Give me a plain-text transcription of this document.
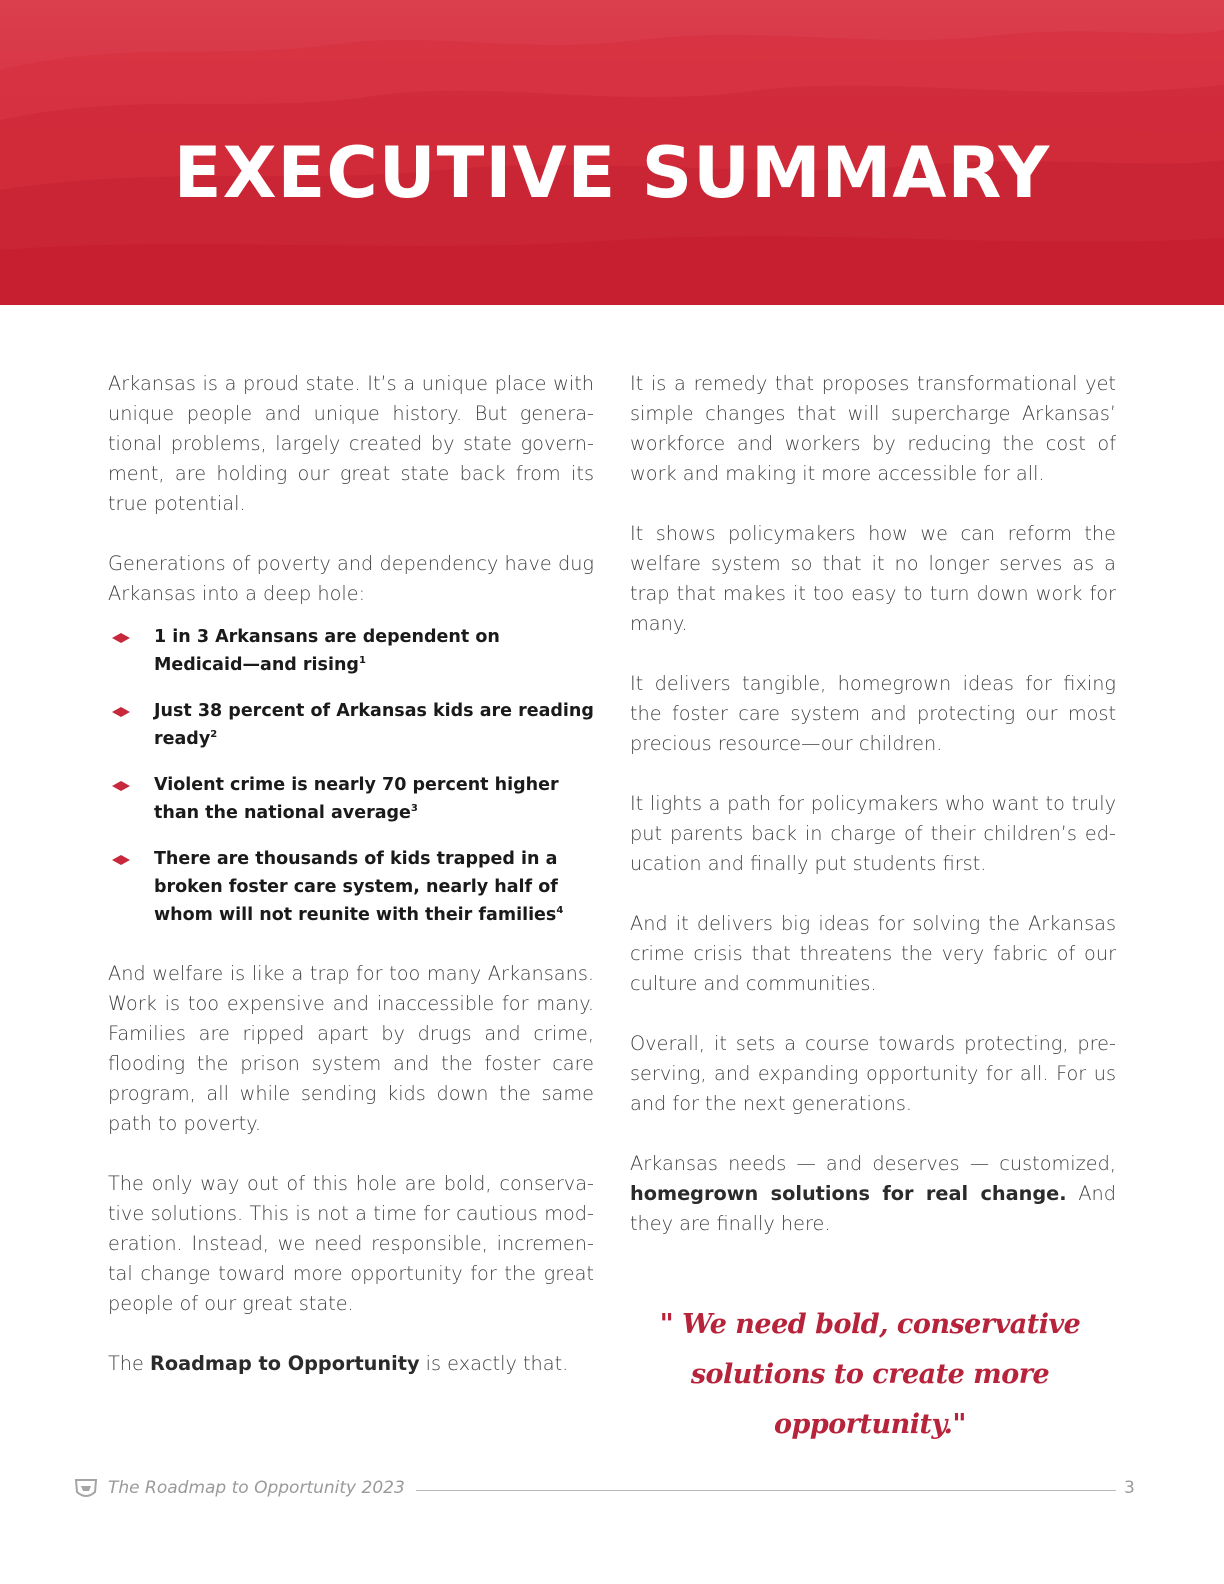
EXECUTIVE SUMMARY

Arkansas is a proud state. It’s a unique place with unique people and unique history. But generational problems, largely created by state government, are holding our great state back from its true potential.

Generations of poverty and dependency have dug Arkansas into a deep hole:

1 in 3 Arkansans are dependent on Medicaid—and rising$^1$
Just 38 percent of Arkansas kids are reading ready$^2$
Violent crime is nearly 70 percent higher than the national average$^3$
There are thousands of kids trapped in a broken foster care system, nearly half of whom will not reunite with their families$^4$

And welfare is like a trap for too many Arkansans. Work is too expensive and inaccessible for many. Families are ripped apart by drugs and crime, flooding the prison system and the foster care program, all while sending kids down the same path to poverty.

The only way out of this hole are bold, conservative solutions. This is not a time for cautious moderation. Instead, we need responsible, incremental change toward more opportunity for the great people of our great state.

The Roadmap to Opportunity is exactly that.

It is a remedy that proposes transformational yet simple changes that will supercharge Arkansas’ workforce and workers by reducing the cost of work and making it more accessible for all.

It shows policymakers how we can reform the welfare system so that it no longer serves as a trap that makes it too easy to turn down work for many.

It delivers tangible, homegrown ideas for fixing the foster care system and protecting our most precious resource—our children.

It lights a path for policymakers who want to truly put parents back in charge of their children’s education and finally put students first.

And it delivers big ideas for solving the Arkansas crime crisis that threatens the very fabric of our culture and communities.

Overall, it sets a course towards protecting, preserving, and expanding opportunity for all. For us and for the next generations.

Arkansas needs — and deserves — customized, homegrown solutions for real change. And they are finally here.

" We need bold, conservative
solutions to create more opportunity."
The Roadmap to Opportunity 2023	3
